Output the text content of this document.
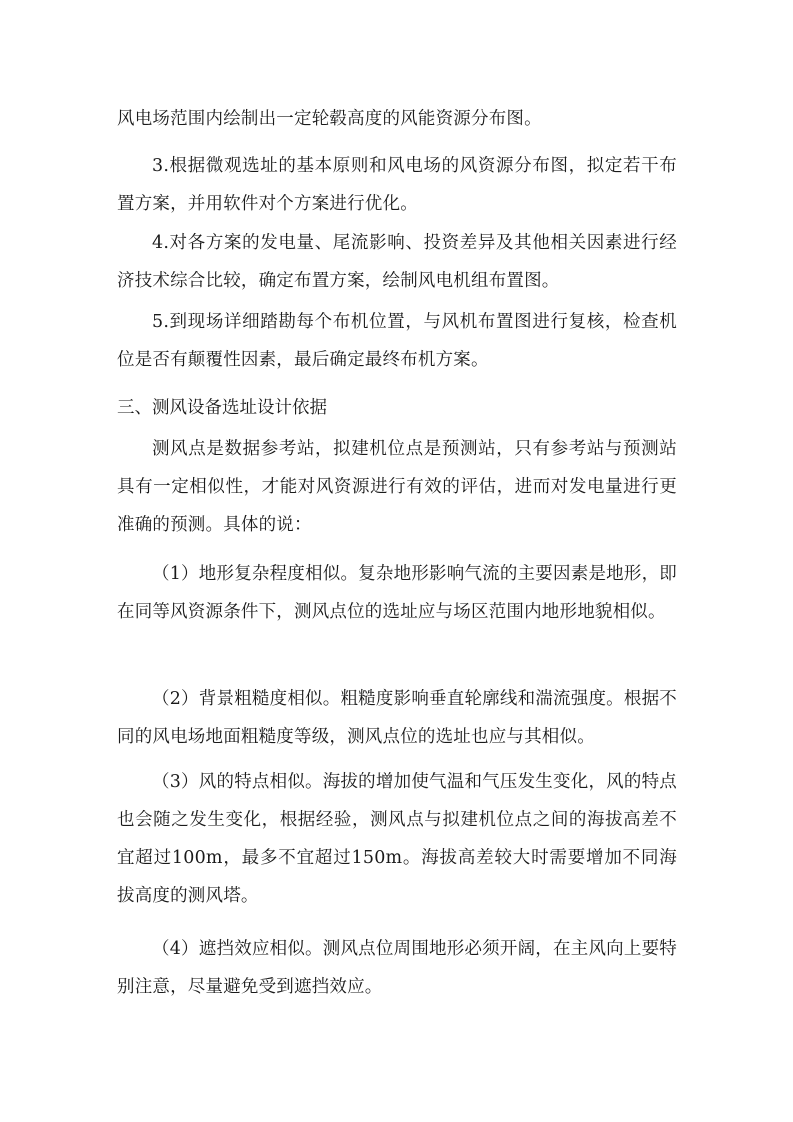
风电场范围内绘制出一定轮毂高度的风能资源分布图。

3.根据微观选址的基本原则和风电场的风资源分布图，拟定若干布置方案，并用软件对个方案进行优化。

4.对各方案的发电量、尾流影响、投资差异及其他相关因素进行经济技术综合比较，确定布置方案，绘制风电机组布置图。

5.到现场详细踏勘每个布机位置，与风机布置图进行复核，检查机位是否有颠覆性因素，最后确定最终布机方案。

三、测风设备选址设计依据

测风点是数据参考站，拟建机位点是预测站，只有参考站与预测站具有一定相似性，才能对风资源进行有效的评估，进而对发电量进行更准确的预测。具体的说：

（1）地形复杂程度相似。复杂地形影响气流的主要因素是地形，即在同等风资源条件下，测风点位的选址应与场区范围内地形地貌相似。

（2）背景粗糙度相似。粗糙度影响垂直轮廓线和湍流强度。根据不同的风电场地面粗糙度等级，测风点位的选址也应与其相似。

（3）风的特点相似。海拔的增加使气温和气压发生变化，风的特点也会随之发生变化，根据经验，测风点与拟建机位点之间的海拔高差不宜超过100m，最多不宜超过150m。海拔高差较大时需要增加不同海拔高度的测风塔。

（4）遮挡效应相似。测风点位周围地形必须开阔，在主风向上要特别注意，尽量避免受到遮挡效应。
